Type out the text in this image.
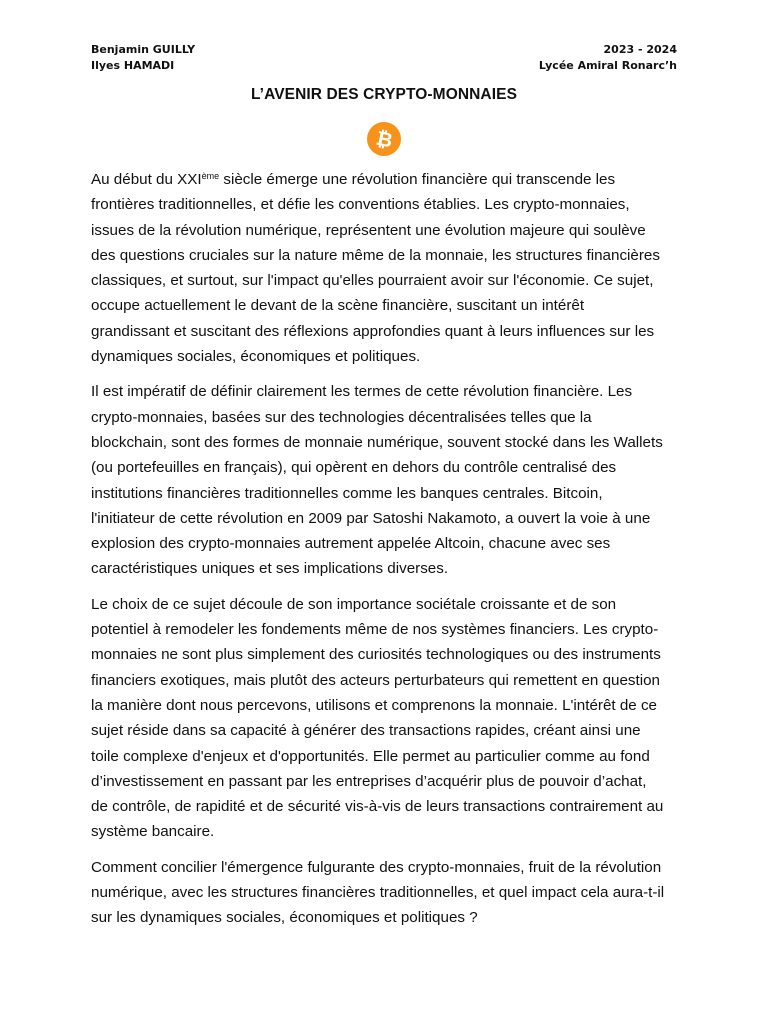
Benjamin GUILLY
Ilyes HAMADI
2023 - 2024
Lycée Amiral Ronarc’h
L’AVENIR DES CRYPTO-MONNAIES
₿

Au début du XXIème siècle émerge une révolution financière qui transcende les
frontières traditionnelles, et défie les conventions établies. Les crypto-monnaies,
issues de la révolution numérique, représentent une évolution majeure qui soulève
des questions cruciales sur la nature même de la monnaie, les structures financières
classiques, et surtout, sur l'impact qu'elles pourraient avoir sur l'économie. Ce sujet,
occupe actuellement le devant de la scène financière, suscitant un intérêt
grandissant et suscitant des réflexions approfondies quant à leurs influences sur les
dynamiques sociales, économiques et politiques.

Il est impératif de définir clairement les termes de cette révolution financière. Les
crypto-monnaies, basées sur des technologies décentralisées telles que la
blockchain, sont des formes de monnaie numérique, souvent stocké dans les Wallets
(ou portefeuilles en français), qui opèrent en dehors du contrôle centralisé des
institutions financières traditionnelles comme les banques centrales. Bitcoin,
l'initiateur de cette révolution en 2009 par Satoshi Nakamoto, a ouvert la voie à une
explosion des crypto-monnaies autrement appelée Altcoin, chacune avec ses
caractéristiques uniques et ses implications diverses.

Le choix de ce sujet découle de son importance sociétale croissante et de son
potentiel à remodeler les fondements même de nos systèmes financiers. Les crypto-
monnaies ne sont plus simplement des curiosités technologiques ou des instruments
financiers exotiques, mais plutôt des acteurs perturbateurs qui remettent en question
la manière dont nous percevons, utilisons et comprenons la monnaie. L'intérêt de ce
sujet réside dans sa capacité à générer des transactions rapides, créant ainsi une
toile complexe d'enjeux et d'opportunités. Elle permet au particulier comme au fond
d’investissement en passant par les entreprises d’acquérir plus de pouvoir d’achat,
de contrôle, de rapidité et de sécurité vis-à-vis de leurs transactions contrairement au
système bancaire.

Comment concilier l'émergence fulgurante des crypto-monnaies, fruit de la révolution
numérique, avec les structures financières traditionnelles, et quel impact cela aura-t-il
sur les dynamiques sociales, économiques et politiques ?
